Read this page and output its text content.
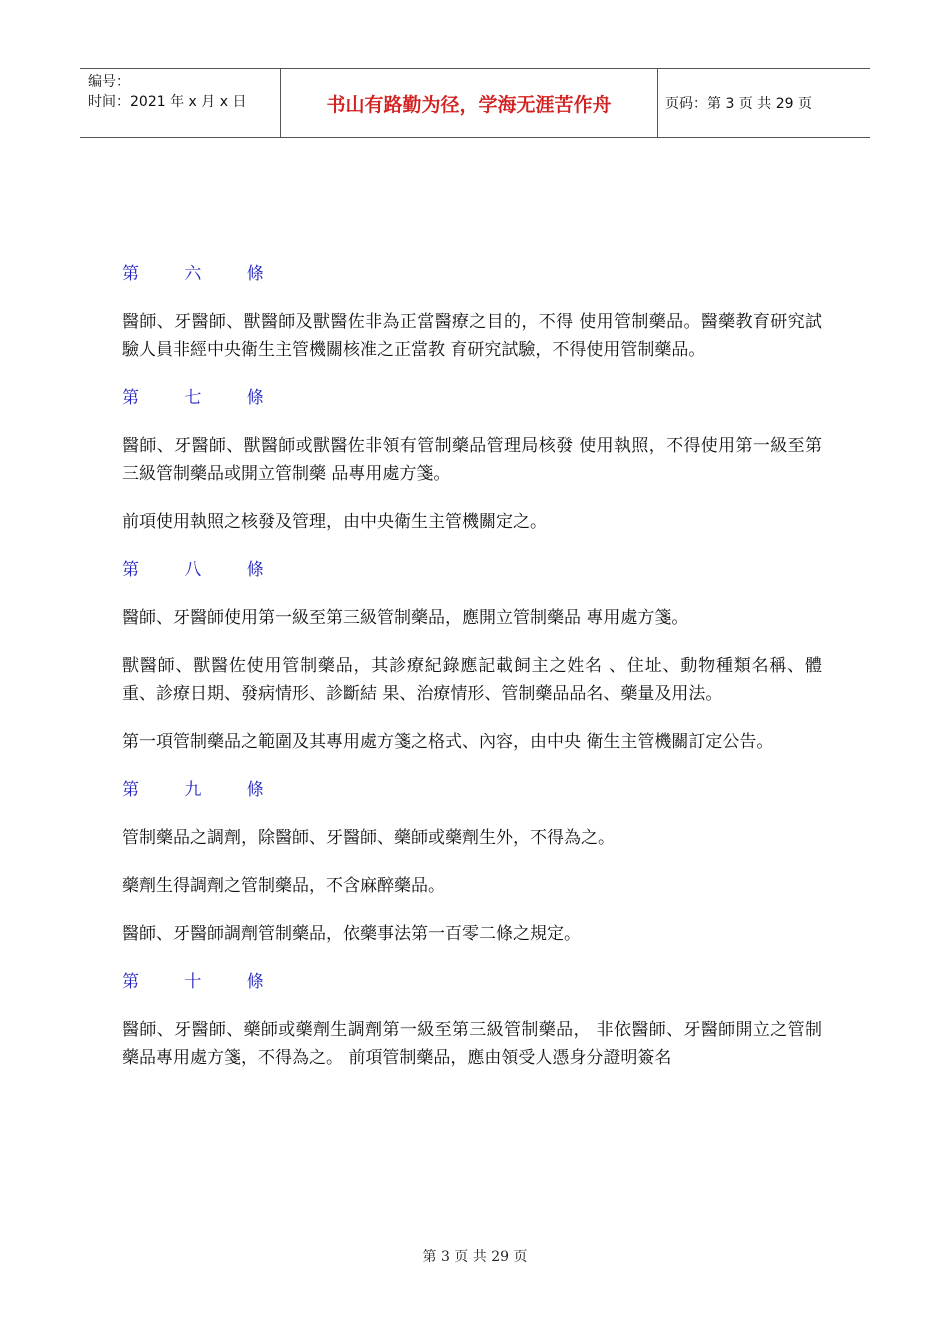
编号：
时间：2021 年 x 月 x 日	书山有路勤为径，学海无涯苦作舟	页码：第 3 页 共 29 页
第 六 條
醫師、牙醫師、獸醫師及獸醫佐非為正當醫療之目的，不得 使用管制藥品。醫藥教育研究試驗人員非經中央衛生主管機關核准之正當教 育研究試驗，不得使用管制藥品。
第 七 條
醫師、牙醫師、獸醫師或獸醫佐非領有管制藥品管理局核發 使用執照，不得使用第一級至第三級管制藥品或開立管制藥 品專用處方箋。
前項使用執照之核發及管理，由中央衛生主管機關定之。
第 八 條
醫師、牙醫師使用第一級至第三級管制藥品，應開立管制藥品 專用處方箋。
獸醫師、獸醫佐使用管制藥品，其診療紀錄應記載飼主之姓名 、住址、動物種類名稱、體重、診療日期、發病情形、診斷結 果、治療情形、管制藥品品名、藥量及用法。
第一項管制藥品之範圍及其專用處方箋之格式、內容，由中央 衛生主管機關訂定公告。
第 九 條
管制藥品之調劑，除醫師、牙醫師、藥師或藥劑生外，不得為之。
藥劑生得調劑之管制藥品，不含麻醉藥品。
醫師、牙醫師調劑管制藥品，依藥事法第一百零二條之規定。
第 十 條
醫師、牙醫師、藥師或藥劑生調劑第一級至第三級管制藥品， 非依醫師、牙醫師開立之管制藥品專用處方箋，不得為之。 前項管制藥品，應由領受人憑身分證明簽名
第 3 页 共 29 页
